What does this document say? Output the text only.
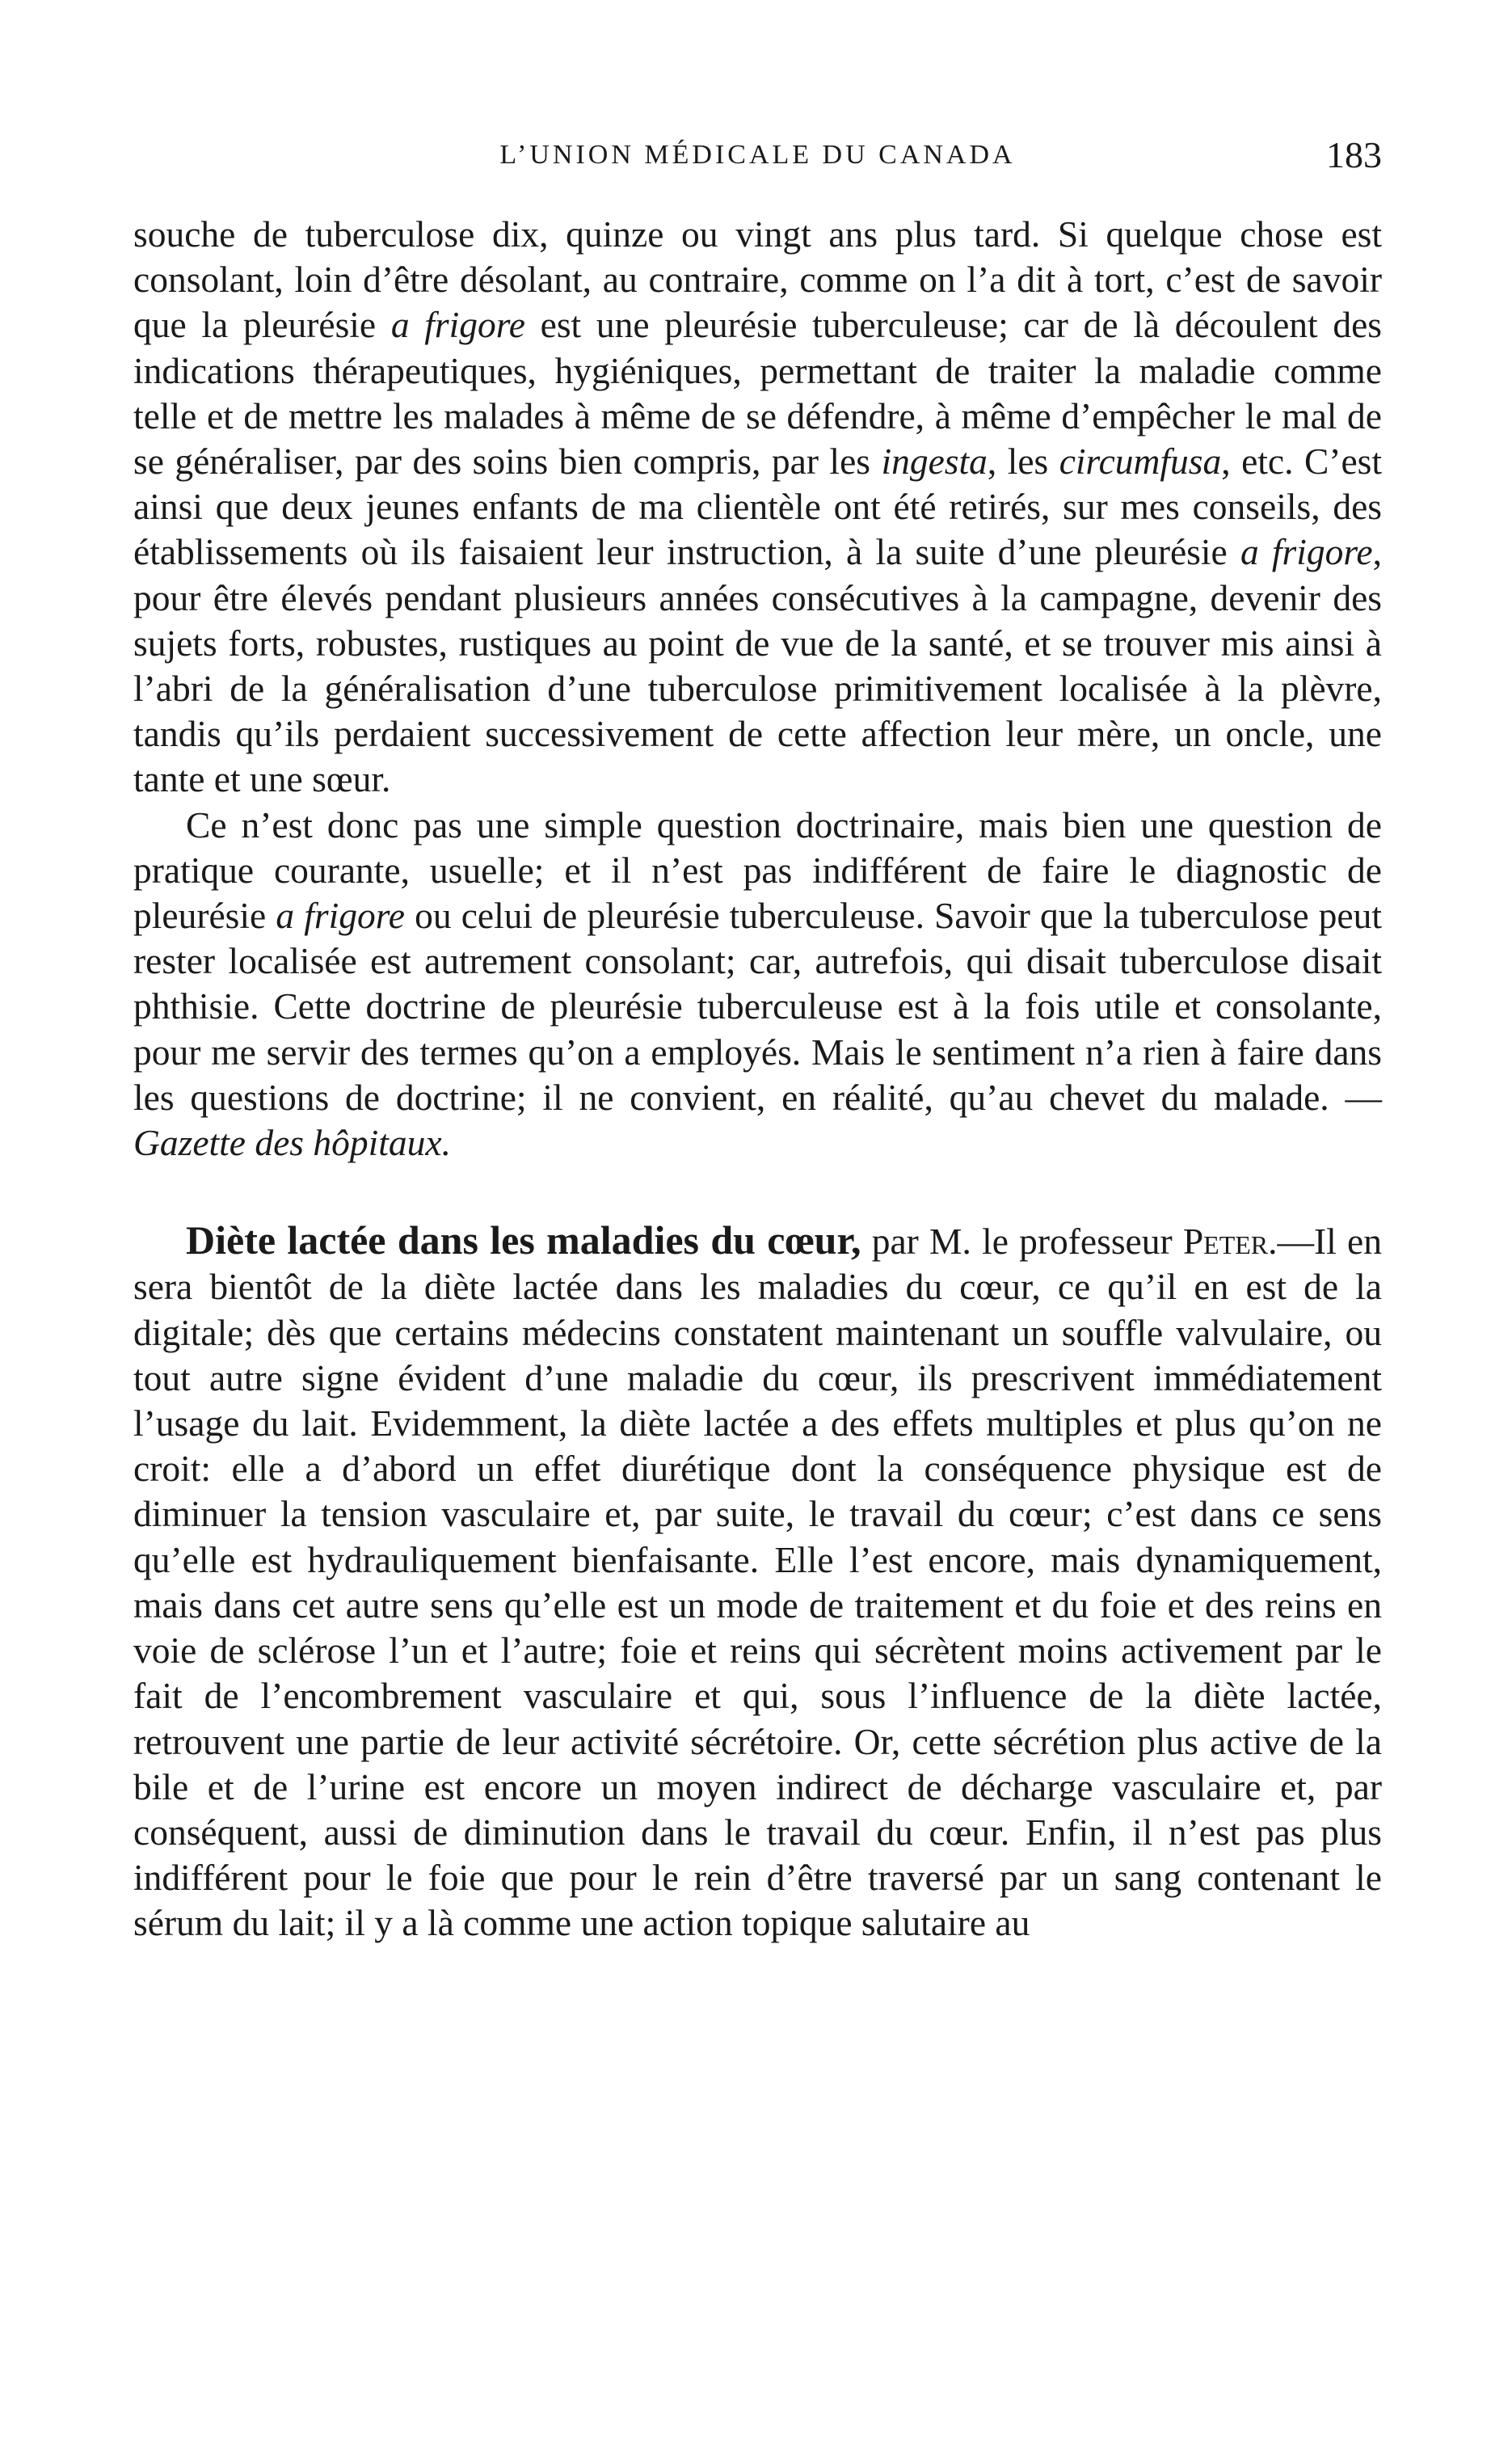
L’UNION MÉDICALE DU CANADA	183

souche de tuberculose dix, quinze ou vingt ans plus tard. Si quelque chose est consolant, loin d’être désolant, au contraire, comme on l’a dit à tort, c’est de savoir que la pleurésie a frigore est une pleurésie tuberculeuse; car de là découlent des indications thérapeutiques, hygiéniques, permettant de traiter la maladie comme telle et de mettre les malades à même de se défendre, à même d’empêcher le mal de se généraliser, par des soins bien compris, par les ingesta, les circumfusa, etc. C’est ainsi que deux jeunes enfants de ma clientèle ont été retirés, sur mes conseils, des établissements où ils faisaient leur instruction, à la suite d’une pleurésie a frigore, pour être élevés pendant plusieurs années consécutives à la campagne, devenir des sujets forts, robustes, rustiques au point de vue de la santé, et se trouver mis ainsi à l’abri de la généralisation d’une tuberculose primitivement localisée à la plèvre, tandis qu’ils perdaient successivement de cette affection leur mère, un oncle, une tante et une sœur.

Ce n’est donc pas une simple question doctrinaire, mais bien une question de pratique courante, usuelle; et il n’est pas indifférent de faire le diagnostic de pleurésie a frigore ou celui de pleurésie tuberculeuse. Savoir que la tuberculose peut rester localisée est autrement consolant; car, autrefois, qui disait tuberculose disait phthisie. Cette doctrine de pleurésie tuberculeuse est à la fois utile et consolante, pour me servir des termes qu’on a employés. Mais le sentiment n’a rien à faire dans les questions de doctrine; il ne convient, en réalité, qu’au chevet du malade. —Gazette des hôpitaux.

Diète lactée dans les maladies du cœur, par M. le professeur Peter.—Il en sera bientôt de la diète lactée dans les maladies du cœur, ce qu’il en est de la digitale; dès que certains médecins constatent maintenant un souffle valvulaire, ou tout autre signe évident d’une maladie du cœur, ils prescrivent immédiatement l’usage du lait. Evidemment, la diète lactée a des effets multiples et plus qu’on ne croit: elle a d’abord un effet diurétique dont la conséquence physique est de diminuer la tension vasculaire et, par suite, le travail du cœur; c’est dans ce sens qu’elle est hydrauliquement bienfaisante. Elle l’est encore, mais dynamiquement, mais dans cet autre sens qu’elle est un mode de traitement et du foie et des reins en voie de sclérose l’un et l’autre; foie et reins qui sécrètent moins activement par le fait de l’encombrement vasculaire et qui, sous l’influence de la diète lactée, retrouvent une partie de leur activité sécrétoire. Or, cette sécrétion plus active de la bile et de l’urine est encore un moyen indirect de décharge vasculaire et, par conséquent, aussi de diminution dans le travail du cœur. Enfin, il n’est pas plus indifférent pour le foie que pour le rein d’être traversé par un sang contenant le sérum du lait; il y a là comme une action topique salutaire au
